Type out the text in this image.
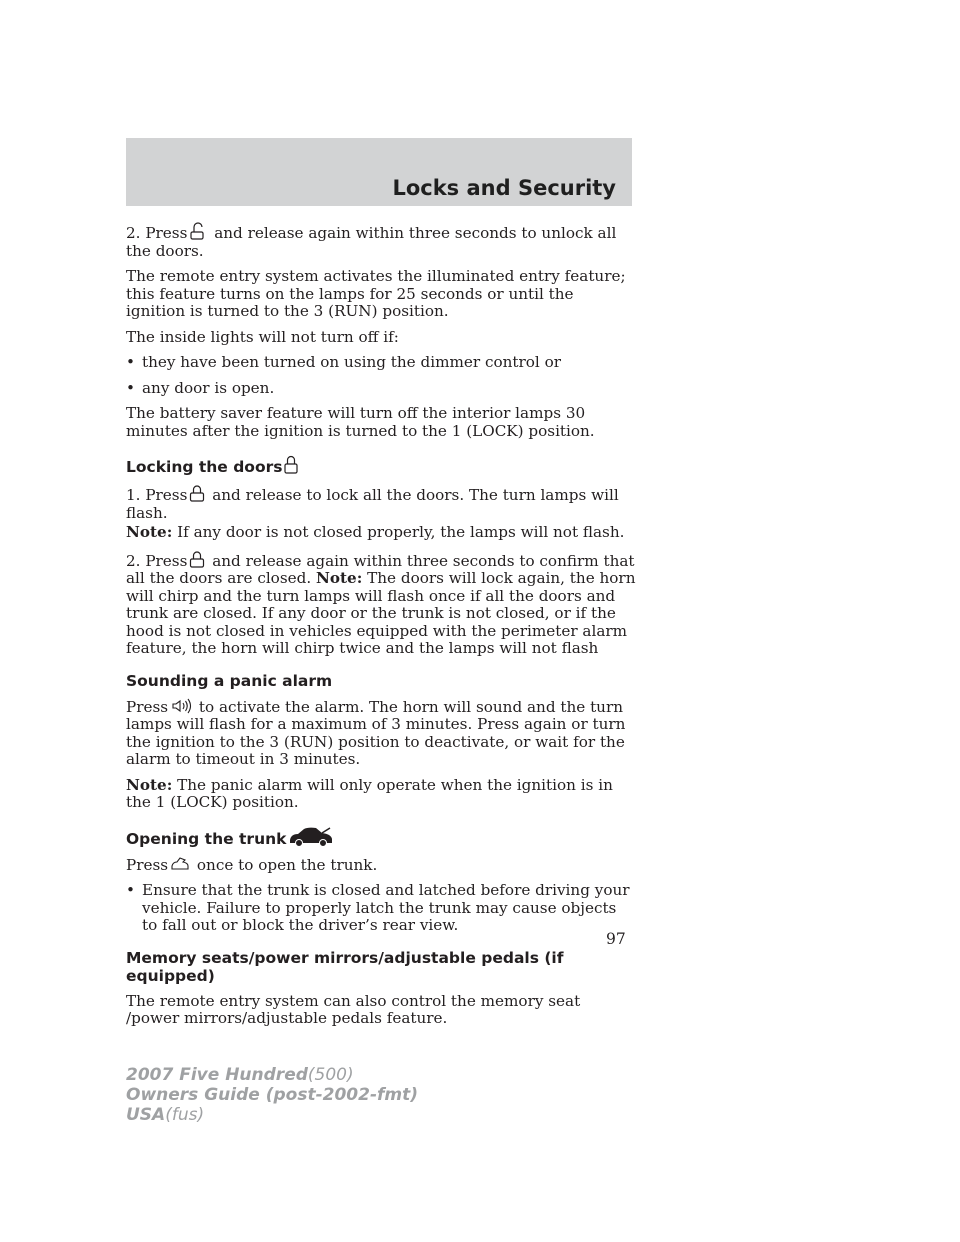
Locks and Security

2. Press
and release again within three seconds to unlock all the doors.

The remote entry system activates the illuminated entry feature; this feature turns on the lamps for 25 seconds or until the ignition is turned to the 3 (RUN) position.

The inside lights will not turn off if:

• they have been turned on using the dimmer control or
• any door is open.

The battery saver feature will turn off the interior lamps 30 minutes after the ignition is turned to the 1 (LOCK) position.

Locking the doors

1. Press
and release to lock all the doors. The turn lamps will flash.

Note: If any door is not closed properly, the lamps will not flash.

2. Press
and release again within three seconds to confirm that all the doors are closed. Note: The doors will lock again, the horn will chirp and the turn lamps will flash once if all the doors and trunk are closed. If any door or the trunk is not closed, or if the hood is not closed in vehicles equipped with the perimeter alarm feature, the horn will chirp twice and the lamps will not flash

Sounding a panic alarm

Press
to activate the alarm. The horn will sound and the turn lamps will flash for a maximum of 3 minutes. Press again or turn the ignition to the 3 (RUN) position to deactivate, or wait for the alarm to timeout in 3 minutes.

Note: The panic alarm will only operate when the ignition is in the 1 (LOCK) position.

Opening the trunk

Press
once to open the trunk.

• Ensure that the trunk is closed and latched before driving your vehicle. Failure to properly latch the trunk may cause objects to fall out or block the driver’s rear view.
Memory seats/power mirrors/adjustable pedals (if equipped)

The remote entry system can also control the memory seat /power mirrors/adjustable pedals feature.

97
2007 Five Hundred(500)
Owners Guide (post-2002-fmt)
USA(fus)
